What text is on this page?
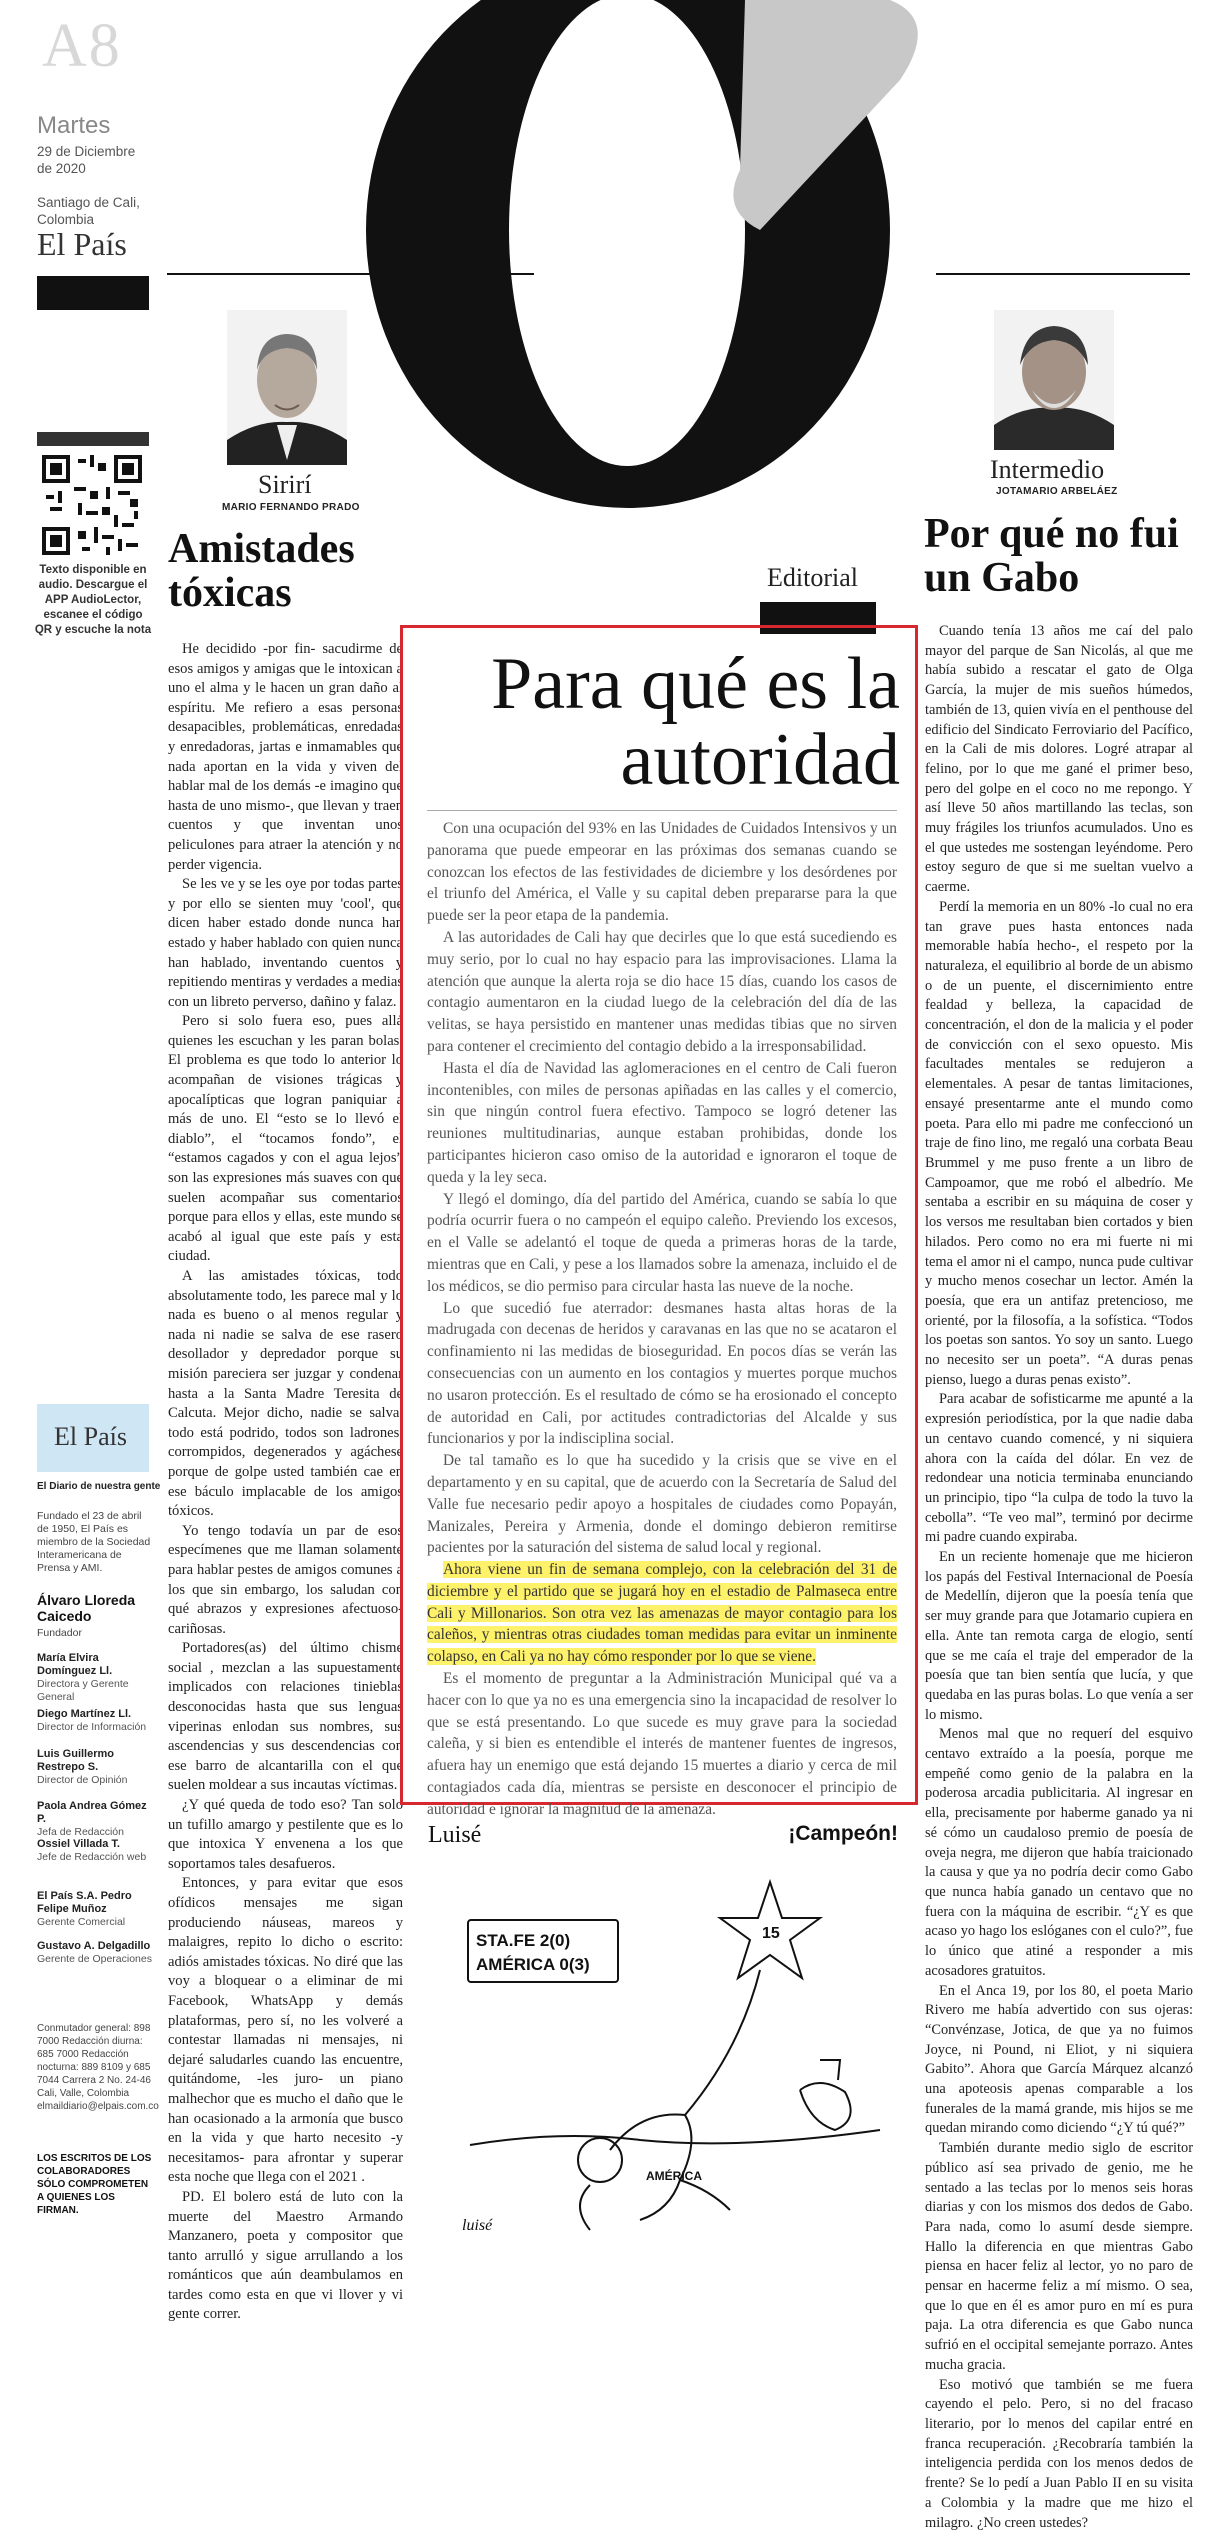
A8
Martes
29 de Diciembre de 2020
Santiago de Cali, Colombia
El País
Texto disponible en audio. Descargue el APP AudioLector, escanee el código QR y escuche la nota
Sirirí
MARIO FERNANDO PRADO
Amistades tóxicas

He decidido -por fin- sacudirme de esos amigos y amigas que le intoxican a uno el alma y le hacen un gran daño al espíritu. Me refiero a esas personas desapacibles, problemáticas, enredadas y enredadoras, jartas e inmamables que nada aportan en la vida y viven del hablar mal de los demás -e imagino que hasta de uno mismo-, que llevan y traen cuentos y que inventan unos peliculones para atraer la atención y no perder vigencia.

Se les ve y se les oye por todas partes y por ello se sienten muy 'cool', que dicen haber estado donde nunca han estado y haber hablado con quien nunca han hablado, inventando cuentos y repitiendo mentiras y verdades a medias con un libreto perverso, dañino y falaz.

Pero si solo fuera eso, pues allá quienes les escuchan y les paran bolas. El problema es que todo lo anterior lo acompañan de visiones trágicas y apocalípticas que logran paniquiar a más de uno. El “esto se lo llevó el diablo”, el “tocamos fondo”, el “estamos cagados y con el agua lejos” son las expresiones más suaves con que suelen acompañar sus comentarios porque para ellos y ellas, este mundo se acabó al igual que este país y esta ciudad.

A las amistades tóxicas, todo absolutamente todo, les parece mal y lo nada es bueno o al menos regular y nada ni nadie se salva de ese rasero desollador y depredador porque su misión pareciera ser juzgar y condenar hasta a la Santa Madre Teresita de Calcuta. Mejor dicho, nadie se salva, todo está podrido, todos son ladrones, corrompidos, degenerados y agáchese porque de golpe usted también cae en ese báculo implacable de los amigos tóxicos.

Yo tengo todavía un par de esos especímenes que me llaman solamente para hablar pestes de amigos comunes a los que sin embargo, los saludan con qué abrazos y expresiones afectuoso-cariñosas.

Portadores(as) del último chisme social , mezclan a las supuestamente implicados con relaciones tinieblas desconocidas hasta que sus lenguas viperinas enlodan sus nombres, sus ascendencias y sus descendencias con ese barro de alcantarilla con el que suelen moldear a sus incautas víctimas.

¿Y qué queda de todo eso? Tan solo un tufillo amargo y pestilente que es lo que intoxica Y envenena a los que soportamos tales desafueros.

Entonces, y para evitar que esos ofídicos mensajes me sigan produciendo náuseas, mareos y malaigres, repito lo dicho o escrito: adiós amistades tóxicas. No diré que las voy a bloquear o a eliminar de mi Facebook, WhatsApp y demás plataformas, pero sí, no les volveré a contestar llamadas ni mensajes, ni dejaré saludarles cuando las encuentre, quitándome, -les juro- un piano malhechor que es mucho el daño que le han ocasionado a la armonía que busco en la vida y que harto necesito -y necesitamos- para afrontar y superar esta noche que llega con el 2021 .

PD. El bolero está de luto con la muerte del Maestro Armando Manzanero, poeta y compositor que tanto arrulló y sigue arrullando a los románticos que aún deambulamos en tardes como esta en que vi llover y vi gente correr.

Editorial
Para qué es la autoridad

Con una ocupación del 93% en las Unidades de Cuidados Intensivos y un panorama que puede empeorar en las próximas dos semanas cuando se conozcan los efectos de las festividades de diciembre y los desórdenes por el triunfo del América, el Valle y su capital deben prepararse para la que puede ser la peor etapa de la pandemia.

A las autoridades de Cali hay que decirles que lo que está sucediendo es muy serio, por lo cual no hay espacio para las improvisaciones. Llama la atención que aunque la alerta roja se dio hace 15 días, cuando los casos de contagio aumentaron en la ciudad luego de la celebración del día de las velitas, se haya persistido en mantener unas medidas tibias que no sirven para contener el crecimiento del contagio debido a la irresponsabilidad.

Hasta el día de Navidad las aglomeraciones en el centro de Cali fueron incontenibles, con miles de personas apiñadas en las calles y el comercio, sin que ningún control fuera efectivo. Tampoco se logró detener las reuniones multitudinarias, aunque estaban prohibidas, donde los participantes hicieron caso omiso de la autoridad e ignoraron el toque de queda y la ley seca.

Y llegó el domingo, día del partido del América, cuando se sabía lo que podría ocurrir fuera o no campeón el equipo caleño. Previendo los excesos, en el Valle se adelantó el toque de queda a primeras horas de la tarde, mientras que en Cali, y pese a los llamados sobre la amenaza, incluido el de los médicos, se dio permiso para circular hasta las nueve de la noche.

Lo que sucedió fue aterrador: desmanes hasta altas horas de la madrugada con decenas de heridos y caravanas en las que no se acataron el confinamiento ni las medidas de bioseguridad. En pocos días se verán las consecuencias con un aumento en los contagios y muertes porque muchos no usaron protección. Es el resultado de cómo se ha erosionado el concepto de autoridad en Cali, por actitudes contradictorias del Alcalde y sus funcionarios y por la indisciplina social.

De tal tamaño es lo que ha sucedido y la crisis que se vive en el departamento y en su capital, que de acuerdo con la Secretaría de Salud del Valle fue necesario pedir apoyo a hospitales de ciudades como Popayán, Manizales, Pereira y Armenia, donde el domingo debieron remitirse pacientes por la saturación del sistema de salud local y regional.

Ahora viene un fin de semana complejo, con la celebración del 31 de diciembre y el partido que se jugará hoy en el estadio de Palmaseca entre Cali y Millonarios. Son otra vez las amenazas de mayor contagio para los caleños, y mientras otras ciudades toman medidas para evitar un inminente colapso, en Cali ya no hay cómo responder por lo que se viene.

Es el momento de preguntar a la Administración Municipal qué va a hacer con lo que ya no es una emergencia sino la incapacidad de resolver lo que se está presentando. Lo que sucede es muy grave para la sociedad caleña, y si bien es entendible el interés de mantener fuentes de ingresos, afuera hay un enemigo que está dejando 15 muertes a diario y cerca de mil contagiados cada día, mientras se persiste en desconocer el principio de autoridad e ignorar la magnitud de la amenaza.

Luisé	¡Campeón!
STA.FE 2(0)
AMÉRICA 0(3)
15
AMÉRICA
luisé
Intermedio
JOTAMARIO ARBELÁEZ
Por qué no fui un Gabo

Cuando tenía 13 años me caí del palo mayor del parque de San Nicolás, al que me había subido a rescatar el gato de Olga García, la mujer de mis sueños húmedos, también de 13, quien vivía en el penthouse del edificio del Sindicato Ferroviario del Pacífico, en la Cali de mis dolores. Logré atrapar al felino, por lo que me gané el primer beso, pero del golpe en el coco no me repongo. Y así lleve 50 años martillando las teclas, son muy frágiles los triunfos acumulados. Uno es el que ustedes me sostengan leyéndome. Pero estoy seguro de que si me sueltan vuelvo a caerme.

Perdí la memoria en un 80% -lo cual no era tan grave pues hasta entonces nada memorable había hecho-, el respeto por la naturaleza, el equilibrio al borde de un abismo o de un puente, el discernimiento entre fealdad y belleza, la capacidad de concentración, el don de la malicia y el poder de convicción con el sexo opuesto. Mis facultades mentales se redujeron a elementales. A pesar de tantas limitaciones, ensayé presentarme ante el mundo como poeta. Para ello mi padre me confeccionó un traje de fino lino, me regaló una corbata Beau Brummel y me puso frente a un libro de Campoamor, que me robó el albedrío. Me sentaba a escribir en su máquina de coser y los versos me resultaban bien cortados y bien hilados. Pero como no era mi fuerte ni mi tema el amor ni el campo, nunca pude cultivar y mucho menos cosechar un lector. Amén la poesía, que era un antifaz pretencioso, me orienté, por la filosofía, a la sofística. “Todos los poetas son santos. Yo soy un santo. Luego no necesito ser un poeta”. “A duras penas pienso, luego a duras penas existo”.

Para acabar de sofisticarme me apunté a la expresión periodística, por la que nadie daba un centavo cuando comencé, y ni siquiera ahora con la caída del dólar. En vez de redondear una noticia terminaba enunciando un principio, tipo “la culpa de todo la tuvo la cebolla”. “Te veo mal”, terminó por decirme mi padre cuando expiraba.

En un reciente homenaje que me hicieron los papás del Festival Internacional de Poesía de Medellín, dijeron que la poesía tenía que ser muy grande para que Jotamario cupiera en ella. Ante tan remota carga de elogio, sentí que se me caía el traje del emperador de la poesía que tan bien sentía que lucía, y que quedaba en las puras bolas. Lo que venía a ser lo mismo.

Menos mal que no requerí del esquivo centavo extraído a la poesía, porque me empeñé como genio de la palabra en la poderosa arcadia publicitaria. Al ingresar en ella, precisamente por haberme ganado ya ni sé cómo un caudaloso premio de poesía de oveja negra, me dijeron que había traicionado la causa y que ya no podría decir como Gabo que nunca había ganado un centavo que no fuera con la máquina de escribir. “¿Y es que acaso yo hago los eslóganes con el culo?”, fue lo único que atiné a responder a mis acosadores gratuitos.

En el Anca 19, por los 80, el poeta Mario Rivero me había advertido con sus ojeras: “Convénzase, Jotica, de que ya no fuimos Joyce, ni Pound, ni Eliot, y ni siquiera Gabito”. Ahora que García Márquez alcanzó una apoteosis apenas comparable a los funerales de la mamá grande, mis hijos se me quedan mirando como diciendo “¿Y tú qué?”

También durante medio siglo de escritor público así sea privado de genio, me he sentado a las teclas por lo menos seis horas diarias y con los mismos dos dedos de Gabo. Para nada, como lo asumí desde siempre. Hallo la diferencia en que mientras Gabo piensa en hacer feliz al lector, yo no paro de pensar en hacerme feliz a mí mismo. O sea, que lo que en él es amor puro en mí es pura paja. La otra diferencia es que Gabo nunca sufrió en el occipital semejante porrazo. Antes mucha gracia.

Eso motivó que también se me fuera cayendo el pelo. Pero, si no del fracaso literario, por lo menos del capilar entré en franca recuperación. ¿Recobraría también la inteligencia perdida con los menos dedos de frente? Se lo pedí a Juan Pablo II en su visita a Colombia y la madre que me hizo el milagro. ¿No creen ustedes?

El País
El Diario de nuestra gente
Fundado el 23 de abril de 1950, El País es miembro de la Sociedad Interamericana de Prensa y AMI.
Álvaro Lloreda Caicedo
Fundador
María Elvira Domínguez Ll.
Directora y Gerente General
Diego Martínez Ll.
Director de Información
Luis Guillermo Restrepo S.
Director de Opinión
Paola Andrea Gómez P.
Jefa de Redacción
Ossiel Villada T.
Jefe de Redacción web
El País S.A. Pedro Felipe Muñoz
Gerente Comercial
Gustavo A. Delgadillo
Gerente de Operaciones
Conmutador general: 898 7000 Redacción diurna: 685 7000 Redacción nocturna: 889 8109 y 685 7044 Carrera 2 No. 24-46 Cali, Valle, Colombia elmaildiario@elpais.com.co
LOS ESCRITOS DE LOS COLABORADORES SÓLO COMPROMETEN A QUIENES LOS FIRMAN.
